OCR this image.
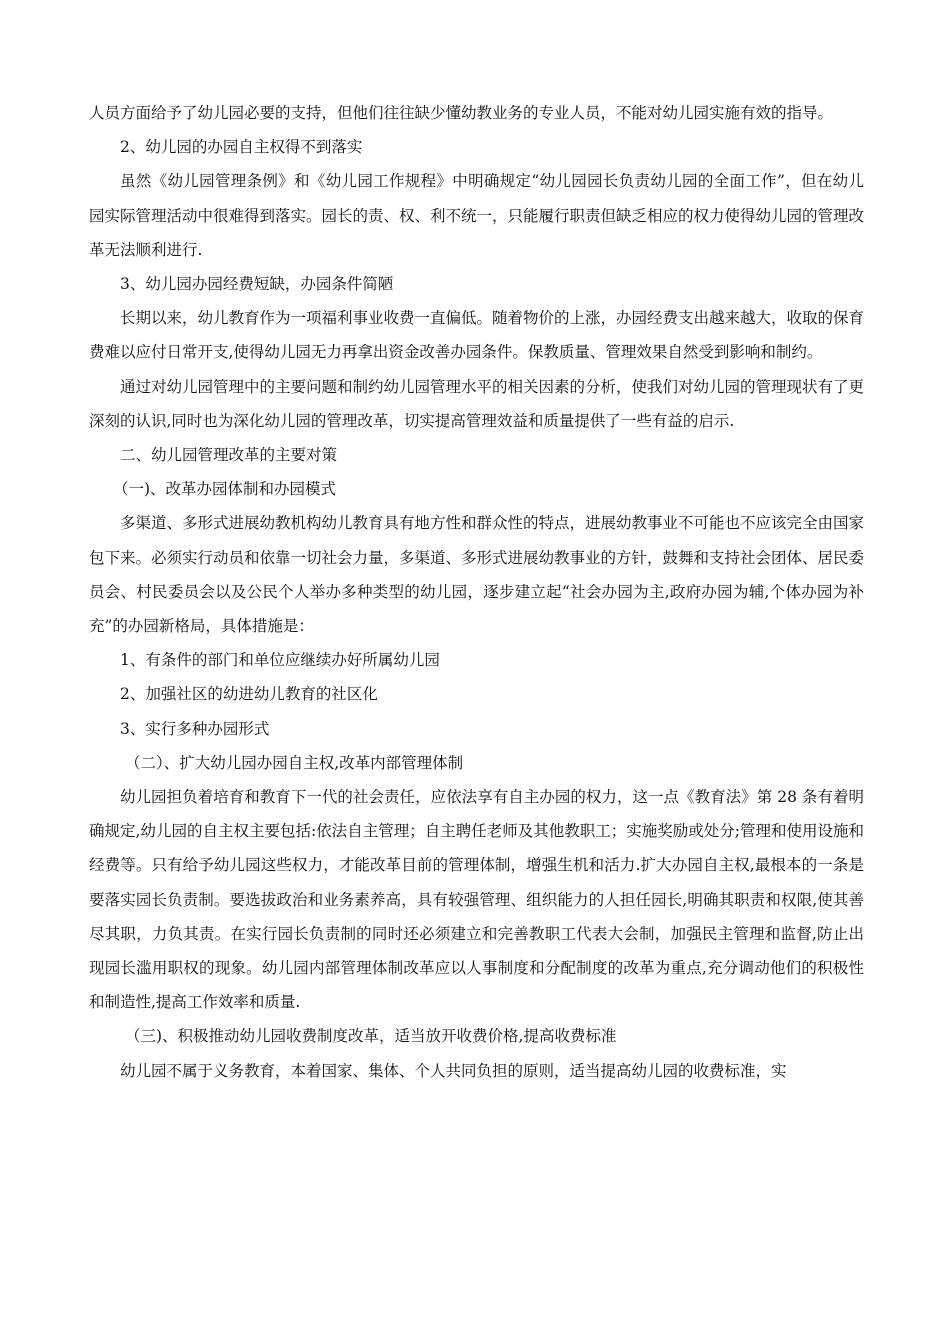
人员方面给予了幼儿园必要的支持，但他们往往缺少懂幼教业务的专业人员，不能对幼儿园实施有效的指导。

2、幼儿园的办园自主权得不到落实

虽然《幼儿园管理条例》和《幼儿园工作规程》中明确规定“幼儿园园长负责幼儿园的全面工作”，但在幼儿园实际管理活动中很难得到落实。园长的责、权、利不统一，只能履行职责但缺乏相应的权力使得幼儿园的管理改革无法顺利进行.

3、幼儿园办园经费短缺，办园条件简陋

长期以来，幼儿教育作为一项福利事业收费一直偏低。随着物价的上涨，办园经费支出越来越大，收取的保育费难以应付日常开支,使得幼儿园无力再拿出资金改善办园条件。保教质量、管理效果自然受到影响和制约。

通过对幼儿园管理中的主要问题和制约幼儿园管理水平的相关因素的分析，使我们对幼儿园的管理现状有了更深刻的认识,同时也为深化幼儿园的管理改革，切实提高管理效益和质量提供了一些有益的启示.

二、幼儿园管理改革的主要对策

（一)、改革办园体制和办园模式

多渠道、多形式进展幼教机构幼儿教育具有地方性和群众性的特点，进展幼教事业不可能也不应该完全由国家包下来。必须实行动员和依靠一切社会力量，多渠道、多形式进展幼教事业的方针，鼓舞和支持社会团体、居民委员会、村民委员会以及公民个人举办多种类型的幼儿园，逐步建立起“社会办园为主,政府办园为辅,个体办园为补充”的办园新格局，具体措施是：

1、有条件的部门和单位应继续办好所属幼儿园

2、加强社区的幼进幼儿教育的社区化

3、实行多种办园形式

（二）、扩大幼儿园办园自主权,改革内部管理体制

幼儿园担负着培育和教育下一代的社会责任，应依法享有自主办园的权力，这一点《教育法》第 28 条有着明确规定,幼儿园的自主权主要包括:依法自主管理；自主聘任老师及其他教职工；实施奖励或处分;管理和使用设施和经费等。只有给予幼儿园这些权力，才能改革目前的管理体制，增强生机和活力.扩大办园自主权,最根本的一条是要落实园长负责制。要选拔政治和业务素养高，具有较强管理、组织能力的人担任园长,明确其职责和权限,使其善尽其职，力负其责。在实行园长负责制的同时还必须建立和完善教职工代表大会制，加强民主管理和监督,防止出现园长滥用职权的现象。幼儿园内部管理体制改革应以人事制度和分配制度的改革为重点,充分调动他们的积极性和制造性,提高工作效率和质量.

（三)、积极推动幼儿园收费制度改革，适当放开收费价格,提高收费标准

幼儿园不属于义务教育，本着国家、集体、个人共同负担的原则，适当提高幼儿园的收费标准，实
